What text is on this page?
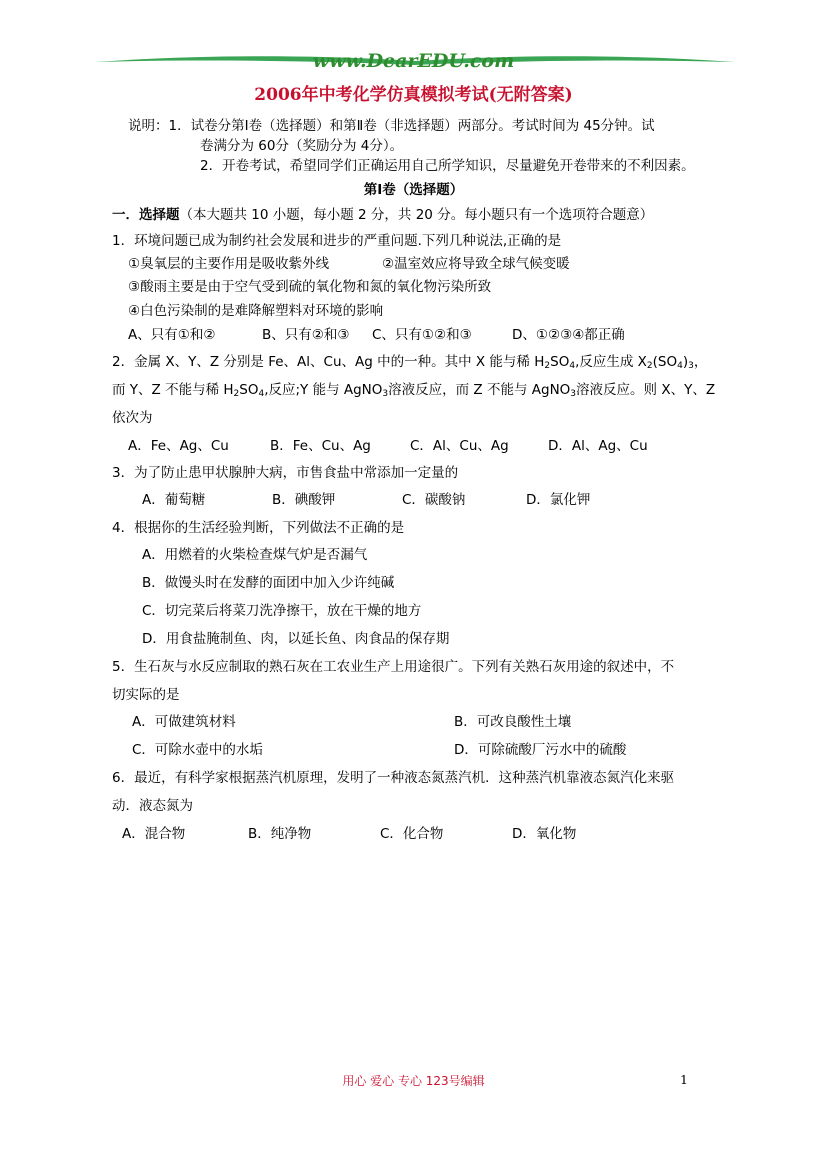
www.DearEDU.com
2006年中考化学仿真模拟考试(无附答案)
说明：1．试卷分第Ⅰ卷（选择题）和第Ⅱ卷（非选择题）两部分。考试时间为 45分钟。试
卷满分为 60分（奖励分为 4分）。
2．开卷考试，希望同学们正确运用自己所学知识，尽量避免开卷带来的不利因素。
第Ⅰ卷（选择题）
一．选择题（本大题共 10 小题，每小题 2 分，共 20 分。每小题只有一个选项符合题意）
1．环境问题已成为制约社会发展和进步的严重问题.下列几种说法,正确的是
①臭氧层的主要作用是吸收紫外线	②温室效应将导致全球气候变暖
③酸雨主要是由于空气受到硫的氧化物和氮的氧化物污染所致
④白色污染制的是难降解塑料对环境的影响
A、只有①和②	B、只有②和③ C、只有①②和③	D、①②③④都正确
2．金属 X、Y、Z 分别是 Fe、Al、Cu、Ag 中的一种。其中 X 能与稀 $H_2SO_4$,反应生成 $X_2(SO_4)_3$，
而 Y、Z 不能与稀 $H_2SO_4$,反应;Y 能与 AgNO$_3$溶液反应，而 Z 不能与 AgNO$_3$溶液反应。则 X、Y、Z
依次为
A．Fe、Ag、Cu	B．Fe、Cu、Ag	C．Al、Cu、Ag	D．Al、Ag、Cu
3．为了防止患甲状腺肿大病，市售食盐中常添加一定量的
A．葡萄糖	B．碘酸钾	C．碳酸钠	D．氯化钾
4．根据你的生活经验判断，下列做法不正确的是
A．用燃着的火柴检查煤气炉是否漏气
B．做馒头时在发酵的面团中加入少许纯碱
C．切完菜后将菜刀洗净擦干，放在干燥的地方
D．用食盐腌制鱼、肉，以延长鱼、肉食品的保存期
5．生石灰与水反应制取的熟石灰在工农业生产上用途很广。下列有关熟石灰用途的叙述中，不
切实际的是
A．可做建筑材料	B．可改良酸性土壤
C．可除水壶中的水垢	D．可除硫酸厂污水中的硫酸
6．最近，有科学家根据蒸汽机原理，发明了一种液态氮蒸汽机．这种蒸汽机靠液态氮汽化来驱
动．液态氮为
A．混合物	B．纯净物	C．化合物	D．氧化物
用心 爱心 专心 123号编辑	1
